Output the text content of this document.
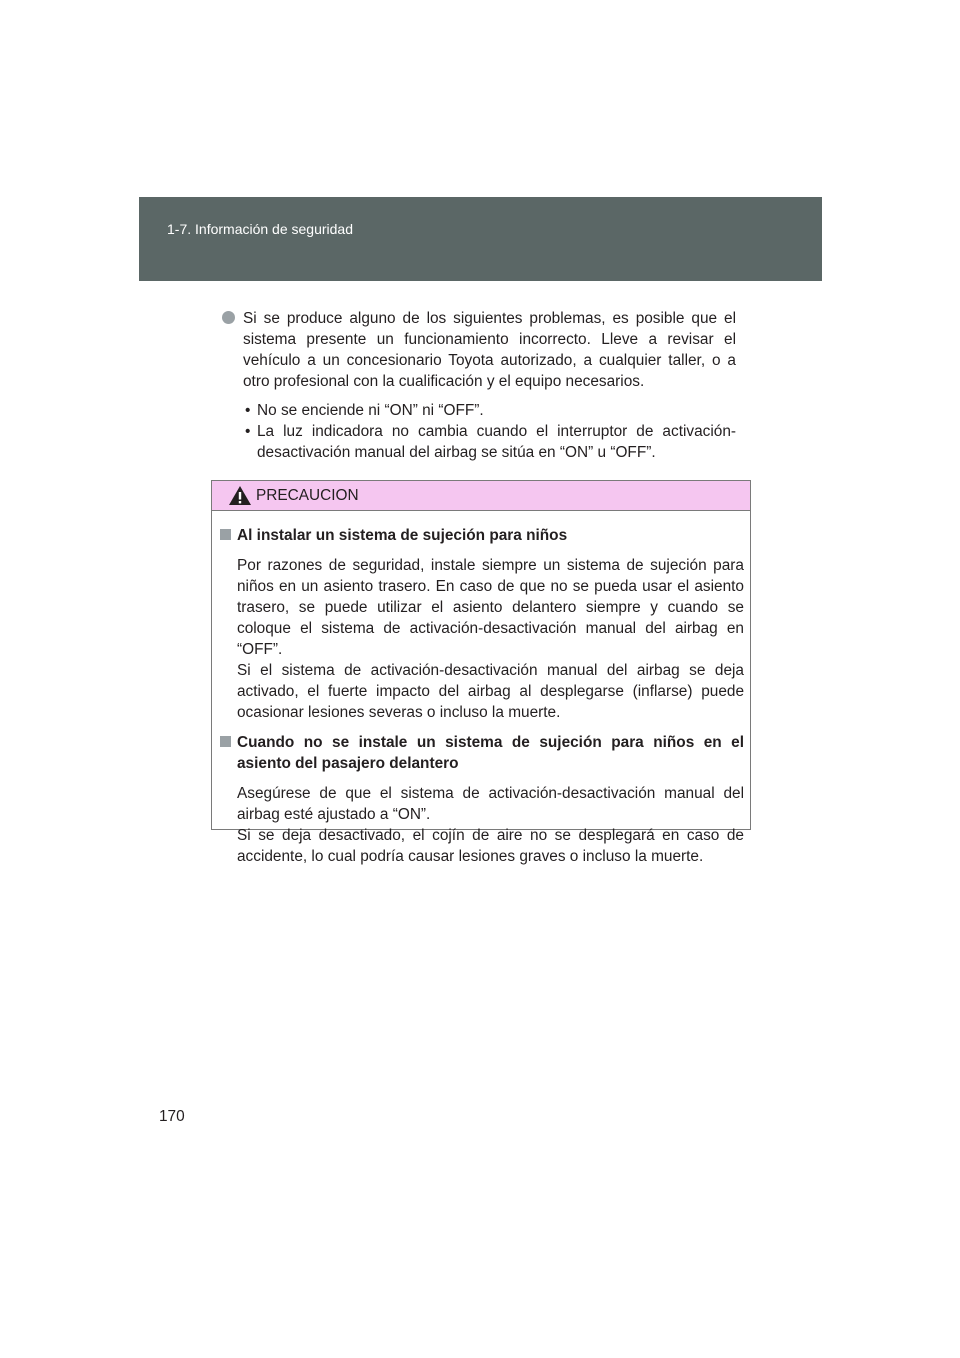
1-7. Información de seguridad
Si se produce alguno de los siguientes problemas, es posible que el sistema presente un funcionamiento incorrecto. Lleve a revisar el vehículo a un concesionario Toyota autorizado, a cualquier taller, o a otro profesional con la cualificación y el equipo necesarios.
• No se enciende ni “ON” ni “OFF”.
• La luz indicadora no cambia cuando el interruptor de activación-desactivación manual del airbag se sitúa en “ON” u “OFF”.
PRECAUCION
Al instalar un sistema de sujeción para niños
Por razones de seguridad, instale siempre un sistema de sujeción para niños en un asiento trasero. En caso de que no se pueda usar el asiento trasero, se puede utilizar el asiento delantero siempre y cuando se coloque el sistema de activación-desactivación manual del airbag en “OFF”.
Si el sistema de activación-desactivación manual del airbag se deja activado, el fuerte impacto del airbag al desplegarse (inflarse) puede ocasionar lesiones severas o incluso la muerte.
Cuando no se instale un sistema de sujeción para niños en el asiento del pasajero delantero
Asegúrese de que el sistema de activación-desactivación manual del airbag esté ajustado a “ON”.
Si se deja desactivado, el cojín de aire no se desplegará en caso de accidente, lo cual podría causar lesiones graves o incluso la muerte.
170
